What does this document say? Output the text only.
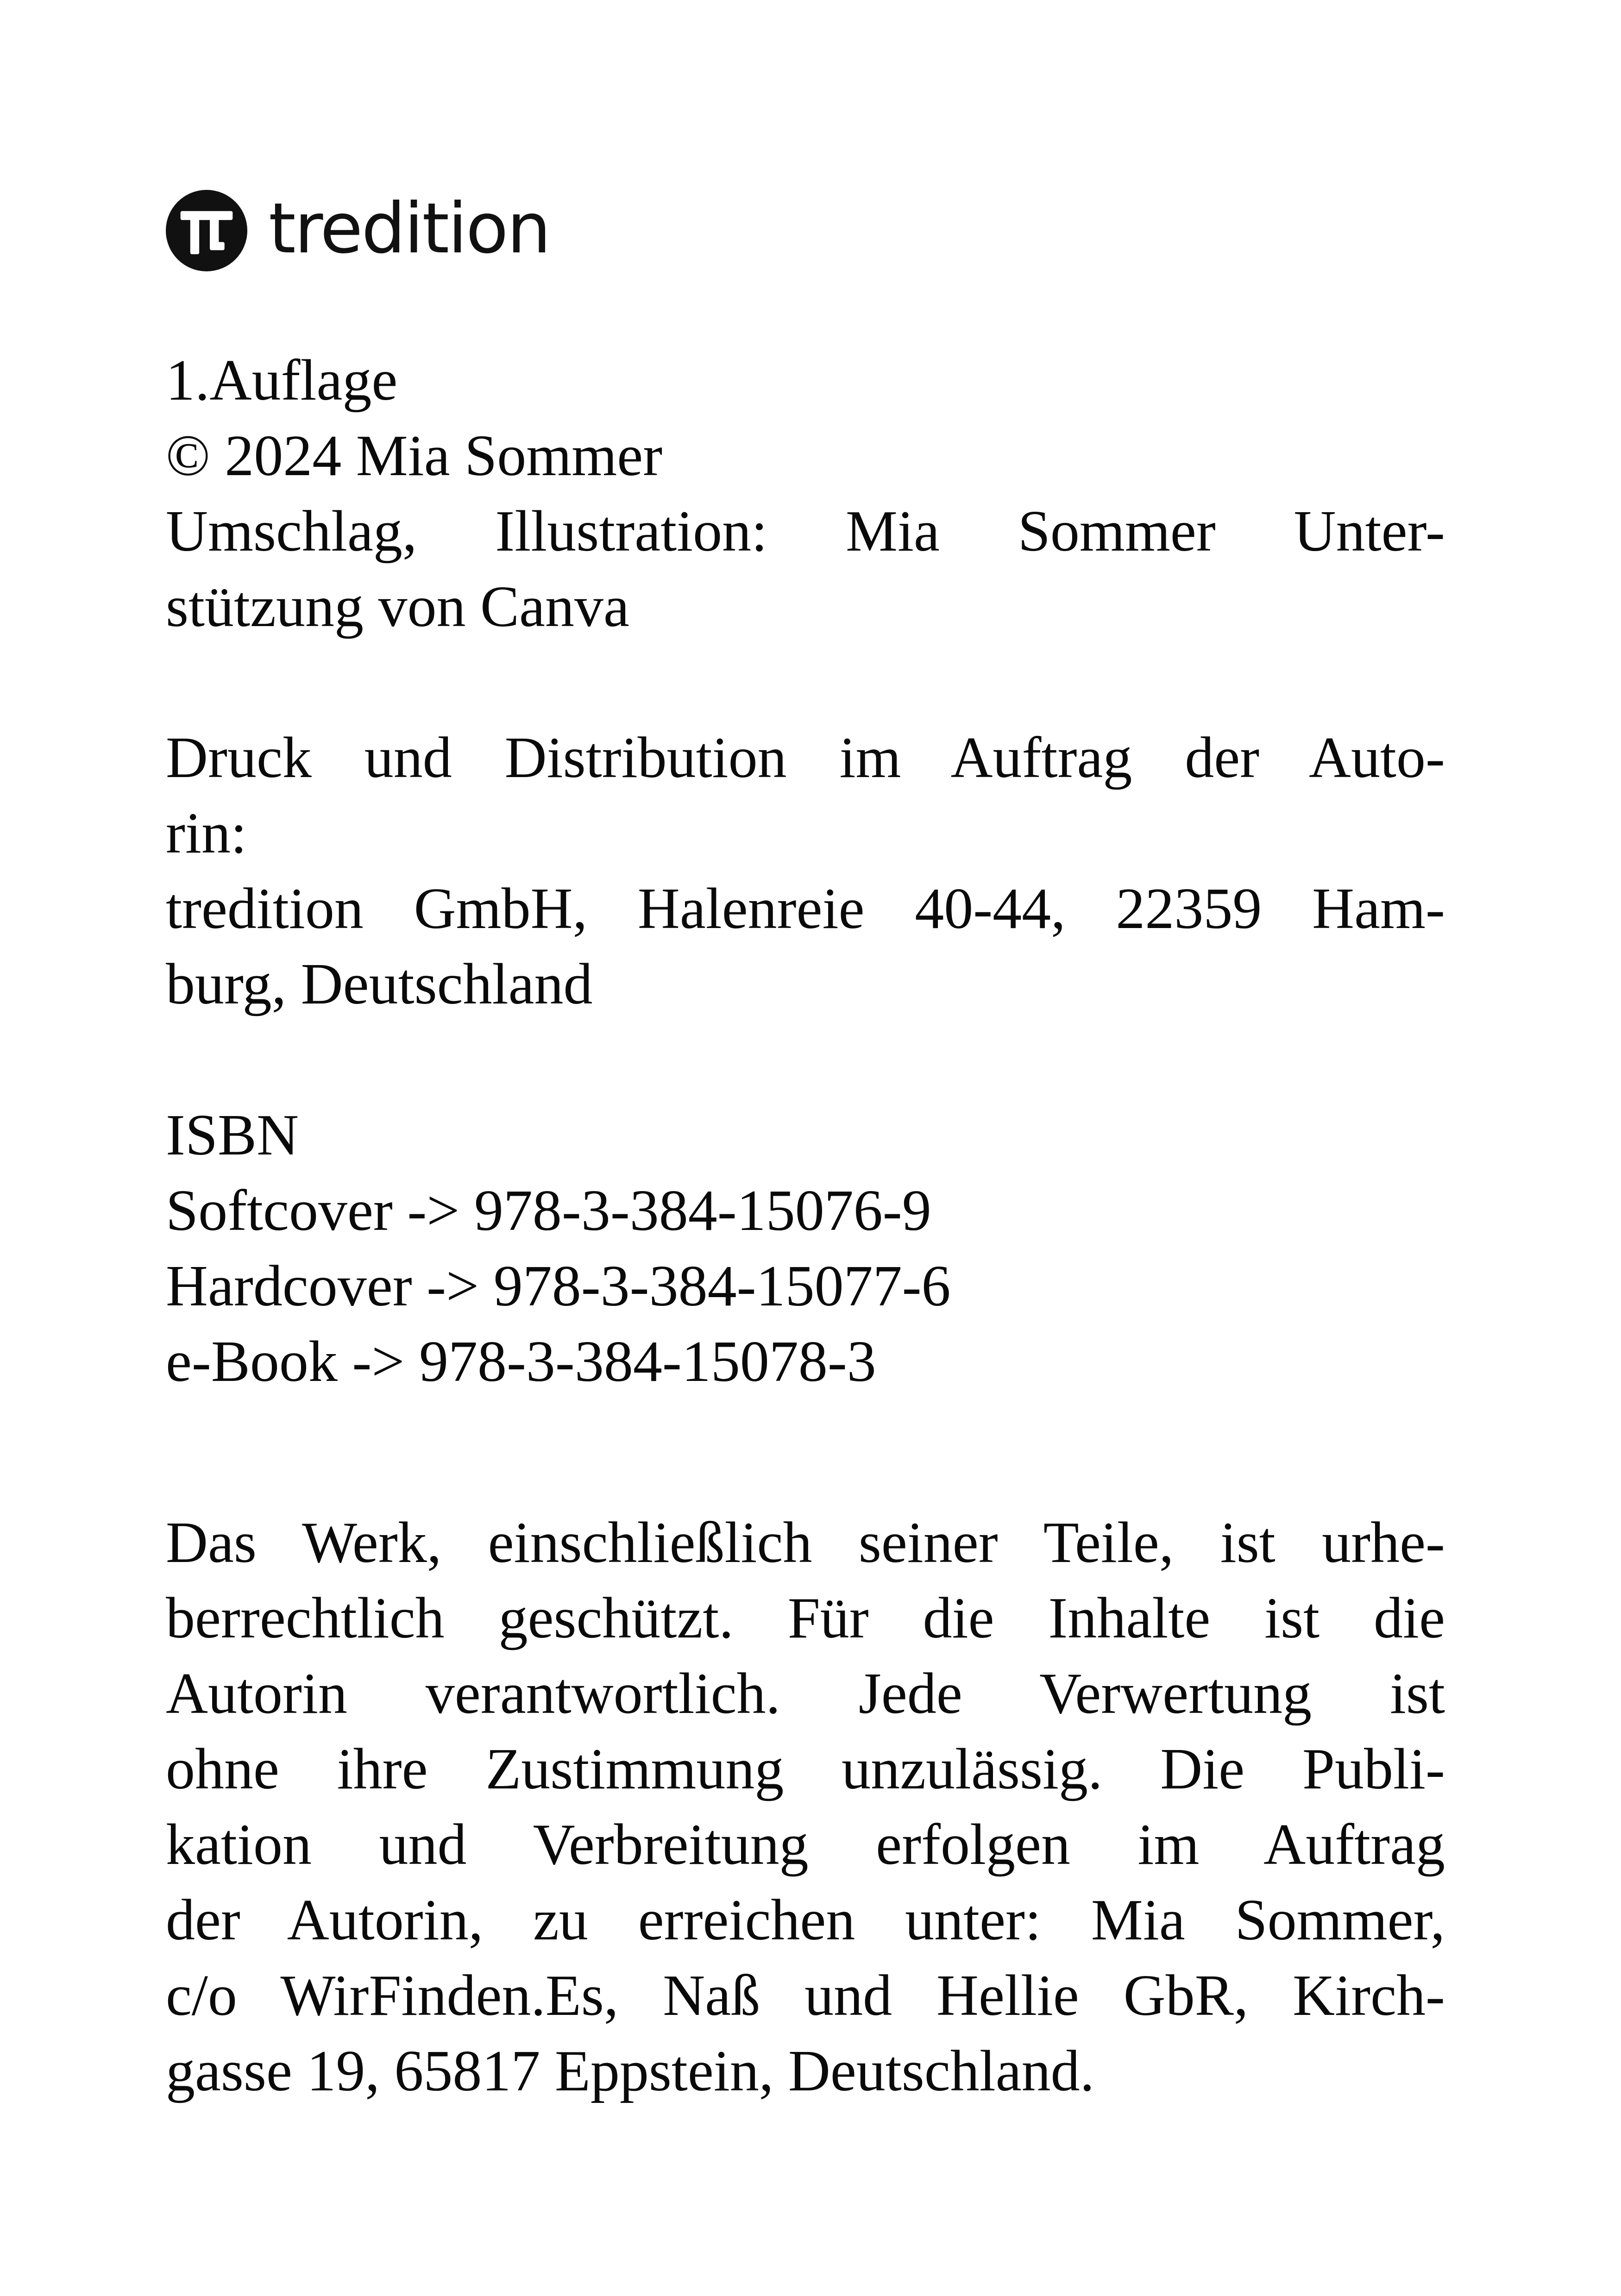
tredition
1.Auflage
© 2024 Mia Sommer
Umschlag, Illustration: Mia Sommer Unter-
stützung von Canva
Druck und Distribution im Auftrag der Auto-
rin:
tredition GmbH, Halenreie 40-44, 22359 Ham-
burg, Deutschland
ISBN
Softcover -> 978-3-384-15076-9
Hardcover -> 978-3-384-15077-6
e-Book -> 978-3-384-15078-3
Das Werk, einschließlich seiner Teile, ist urhe-
berrechtlich geschützt. Für die Inhalte ist die
Autorin verantwortlich. Jede Verwertung ist
ohne ihre Zustimmung unzulässig. Die Publi-
kation und Verbreitung erfolgen im Auftrag
der Autorin, zu erreichen unter: Mia Sommer,
c/o WirFinden.Es, Naß und Hellie GbR, Kirch-
gasse 19, 65817 Eppstein, Deutschland.
